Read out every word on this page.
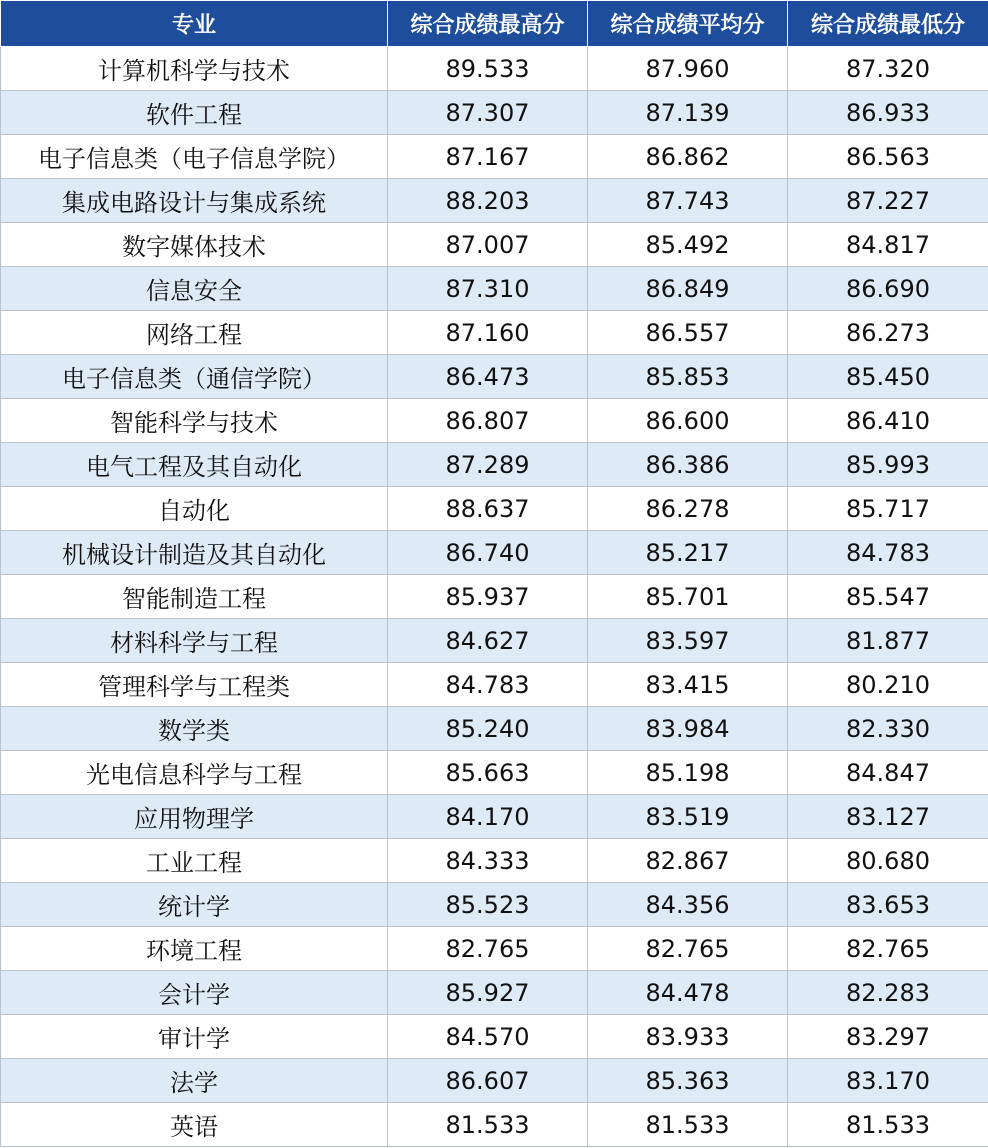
专业	综合成绩最高分	综合成绩平均分	综合成绩最低分
计算机科学与技术	89.533	87.960	87.320
软件工程	87.307	87.139	86.933
电子信息类（电子信息学院）	87.167	86.862	86.563
集成电路设计与集成系统	88.203	87.743	87.227
数字媒体技术	87.007	85.492	84.817
信息安全	87.310	86.849	86.690
网络工程	87.160	86.557	86.273
电子信息类（通信学院）	86.473	85.853	85.450
智能科学与技术	86.807	86.600	86.410
电气工程及其自动化	87.289	86.386	85.993
自动化	88.637	86.278	85.717
机械设计制造及其自动化	86.740	85.217	84.783
智能制造工程	85.937	85.701	85.547
材料科学与工程	84.627	83.597	81.877
管理科学与工程类	84.783	83.415	80.210
数学类	85.240	83.984	82.330
光电信息科学与工程	85.663	85.198	84.847
应用物理学	84.170	83.519	83.127
工业工程	84.333	82.867	80.680
统计学	85.523	84.356	83.653
环境工程	82.765	82.765	82.765
会计学	85.927	84.478	82.283
审计学	84.570	83.933	83.297
法学	86.607	85.363	83.170
英语	81.533	81.533	81.533
